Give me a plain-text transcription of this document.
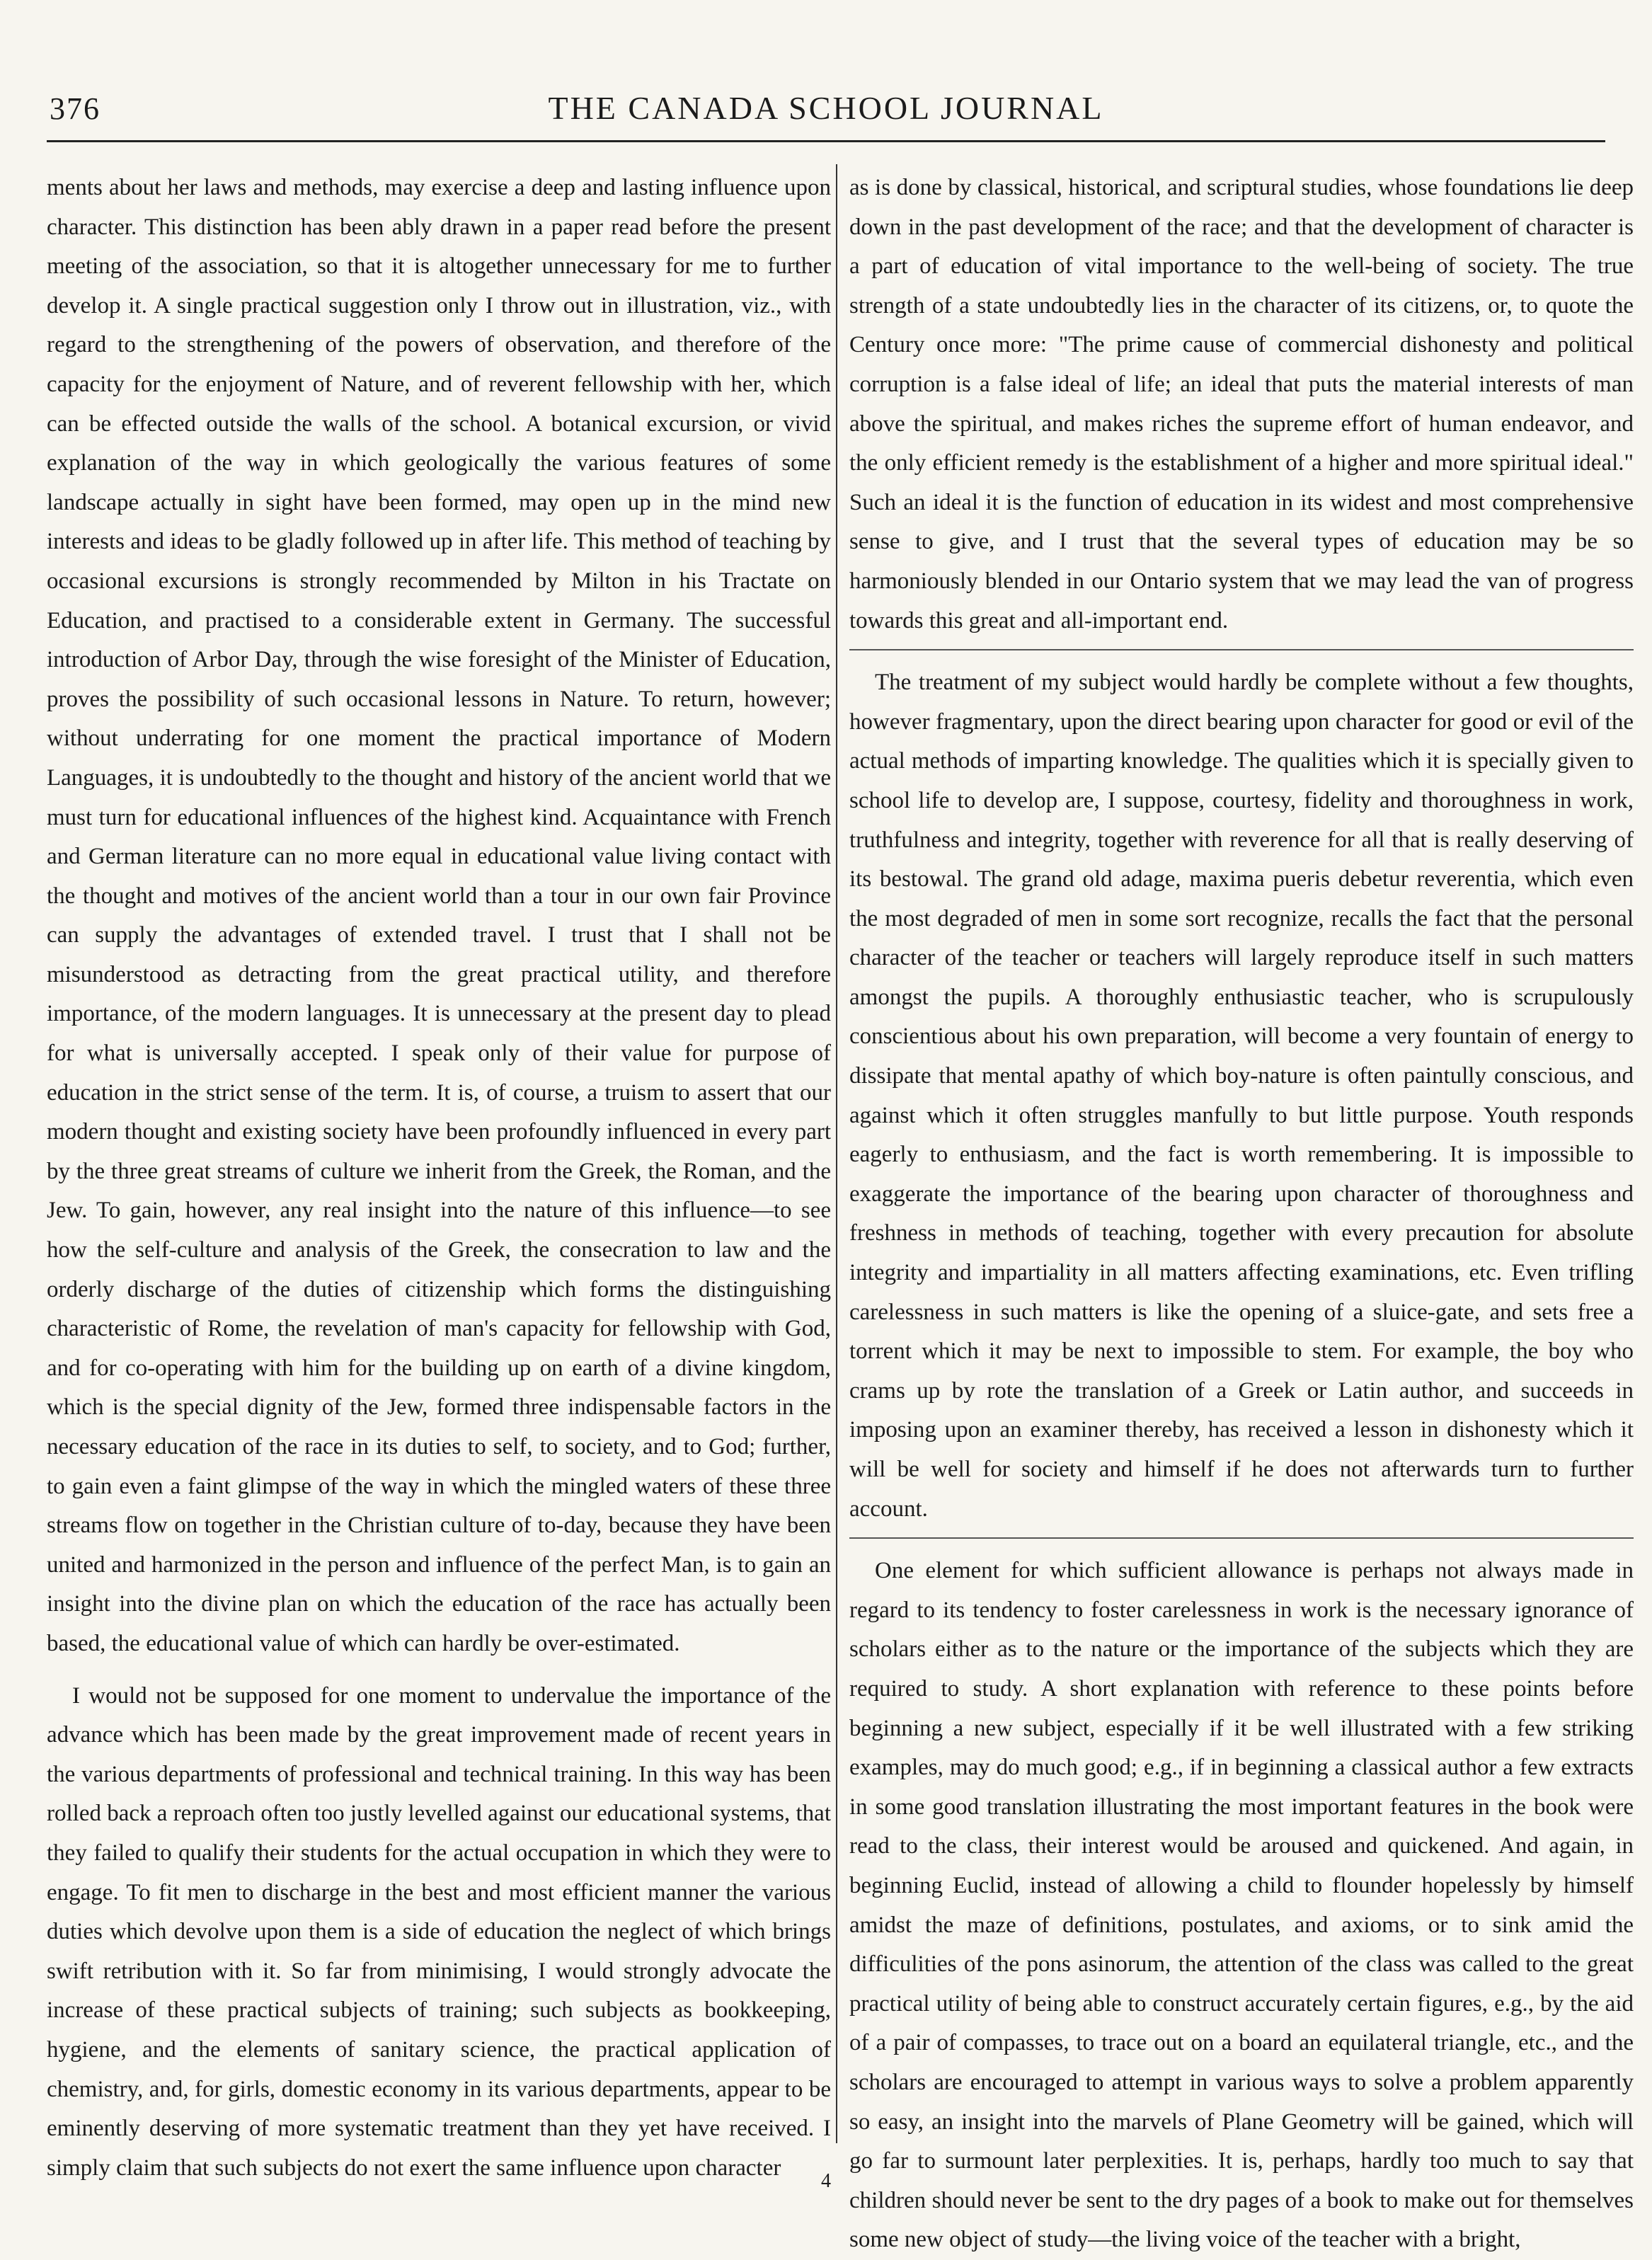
376	THE CANADA SCHOOL JOURNAL

ments about her laws and methods, may exercise a deep and lasting influence upon character. This distinction has been ably drawn in a paper read before the present meeting of the association, so that it is altogether unnecessary for me to further develop it. A single practical suggestion only I throw out in illustration, viz., with regard to the strengthening of the powers of observation, and therefore of the capacity for the enjoyment of Nature, and of reverent fellowship with her, which can be effected outside the walls of the school. A botanical excursion, or vivid explanation of the way in which geologically the various features of some landscape actually in sight have been formed, may open up in the mind new interests and ideas to be gladly followed up in after life. This method of teaching by occasional excursions is strongly recommended by Milton in his Tractate on Education, and practised to a considerable extent in Germany. The successful introduction of Arbor Day, through the wise foresight of the Minister of Education, proves the possibility of such occasional lessons in Nature. To return, however; without underrating for one moment the practical importance of Modern Languages, it is undoubtedly to the thought and history of the ancient world that we must turn for educational influences of the highest kind. Acquaintance with French and German literature can no more equal in educational value living contact with the thought and motives of the ancient world than a tour in our own fair Province can supply the advantages of extended travel. I trust that I shall not be misunderstood as detracting from the great practical utility, and therefore importance, of the modern languages. It is unnecessary at the present day to plead for what is universally accepted. I speak only of their value for purpose of education in the strict sense of the term. It is, of course, a truism to assert that our modern thought and existing society have been profoundly influenced in every part by the three great streams of culture we inherit from the Greek, the Roman, and the Jew. To gain, however, any real insight into the nature of this influence—to see how the self-culture and analysis of the Greek, the consecration to law and the orderly discharge of the duties of citizenship which forms the distinguishing characteristic of Rome, the revelation of man's capacity for fellowship with God, and for co-operating with him for the building up on earth of a divine kingdom, which is the special dignity of the Jew, formed three indispensable factors in the necessary education of the race in its duties to self, to society, and to God; further, to gain even a faint glimpse of the way in which the mingled waters of these three streams flow on together in the Christian culture of to-day, because they have been united and harmonized in the person and influence of the perfect Man, is to gain an insight into the divine plan on which the education of the race has actually been based, the educational value of which can hardly be over-estimated.

I would not be supposed for one moment to undervalue the importance of the advance which has been made by the great improvement made of recent years in the various departments of professional and technical training. In this way has been rolled back a reproach often too justly levelled against our educational systems, that they failed to qualify their students for the actual occupation in which they were to engage. To fit men to discharge in the best and most efficient manner the various duties which devolve upon them is a side of education the neglect of which brings swift retribution with it. So far from minimising, I would strongly advocate the increase of these practical subjects of training; such subjects as bookkeeping, hygiene, and the elements of sanitary science, the practical application of chemistry, and, for girls, domestic economy in its various departments, appear to be eminently deserving of more systematic treatment than they yet have received. I simply claim that such subjects do not exert the same influence upon character

as is done by classical, historical, and scriptural studies, whose foundations lie deep down in the past development of the race; and that the development of character is a part of education of vital importance to the well-being of society. The true strength of a state undoubtedly lies in the character of its citizens, or, to quote the Century once more: "The prime cause of commercial dishonesty and political corruption is a false ideal of life; an ideal that puts the material interests of man above the spiritual, and makes riches the supreme effort of human endeavor, and the only efficient remedy is the establishment of a higher and more spiritual ideal." Such an ideal it is the function of education in its widest and most comprehensive sense to give, and I trust that the several types of education may be so harmoniously blended in our Ontario system that we may lead the van of progress towards this great and all-important end.

The treatment of my subject would hardly be complete without a few thoughts, however fragmentary, upon the direct bearing upon character for good or evil of the actual methods of imparting knowledge. The qualities which it is specially given to school life to develop are, I suppose, courtesy, fidelity and thoroughness in work, truthfulness and integrity, together with reverence for all that is really deserving of its bestowal. The grand old adage, maxima pueris debetur reverentia, which even the most degraded of men in some sort recognize, recalls the fact that the personal character of the teacher or teachers will largely reproduce itself in such matters amongst the pupils. A thoroughly enthusiastic teacher, who is scrupulously conscientious about his own preparation, will become a very fountain of energy to dissipate that mental apathy of which boy-nature is often paintully conscious, and against which it often struggles manfully to but little purpose. Youth responds eagerly to enthusiasm, and the fact is worth remembering. It is impossible to exaggerate the importance of the bearing upon character of thoroughness and freshness in methods of teaching, together with every precaution for absolute integrity and impartiality in all matters affecting examinations, etc. Even trifling carelessness in such matters is like the opening of a sluice-gate, and sets free a torrent which it may be next to impossible to stem. For example, the boy who crams up by rote the translation of a Greek or Latin author, and succeeds in imposing upon an examiner thereby, has received a lesson in dishonesty which it will be well for society and himself if he does not afterwards turn to further account.

One element for which sufficient allowance is perhaps not always made in regard to its tendency to foster carelessness in work is the necessary ignorance of scholars either as to the nature or the importance of the subjects which they are required to study. A short explanation with reference to these points before beginning a new subject, especially if it be well illustrated with a few striking examples, may do much good; e.g., if in beginning a classical author a few extracts in some good translation illustrating the most important features in the book were read to the class, their interest would be aroused and quickened. And again, in beginning Euclid, instead of allowing a child to flounder hopelessly by himself amidst the maze of definitions, postulates, and axioms, or to sink amid the difficulities of the pons asinorum, the attention of the class was called to the great practical utility of being able to construct accurately certain figures, e.g., by the aid of a pair of compasses, to trace out on a board an equilateral triangle, etc., and the scholars are encouraged to attempt in various ways to solve a problem apparently so easy, an insight into the marvels of Plane Geometry will be gained, which will go far to surmount later perplexities. It is, perhaps, hardly too much to say that children should never be sent to the dry pages of a book to make out for themselves some new object of study—the living voice of the teacher with a bright,

4
